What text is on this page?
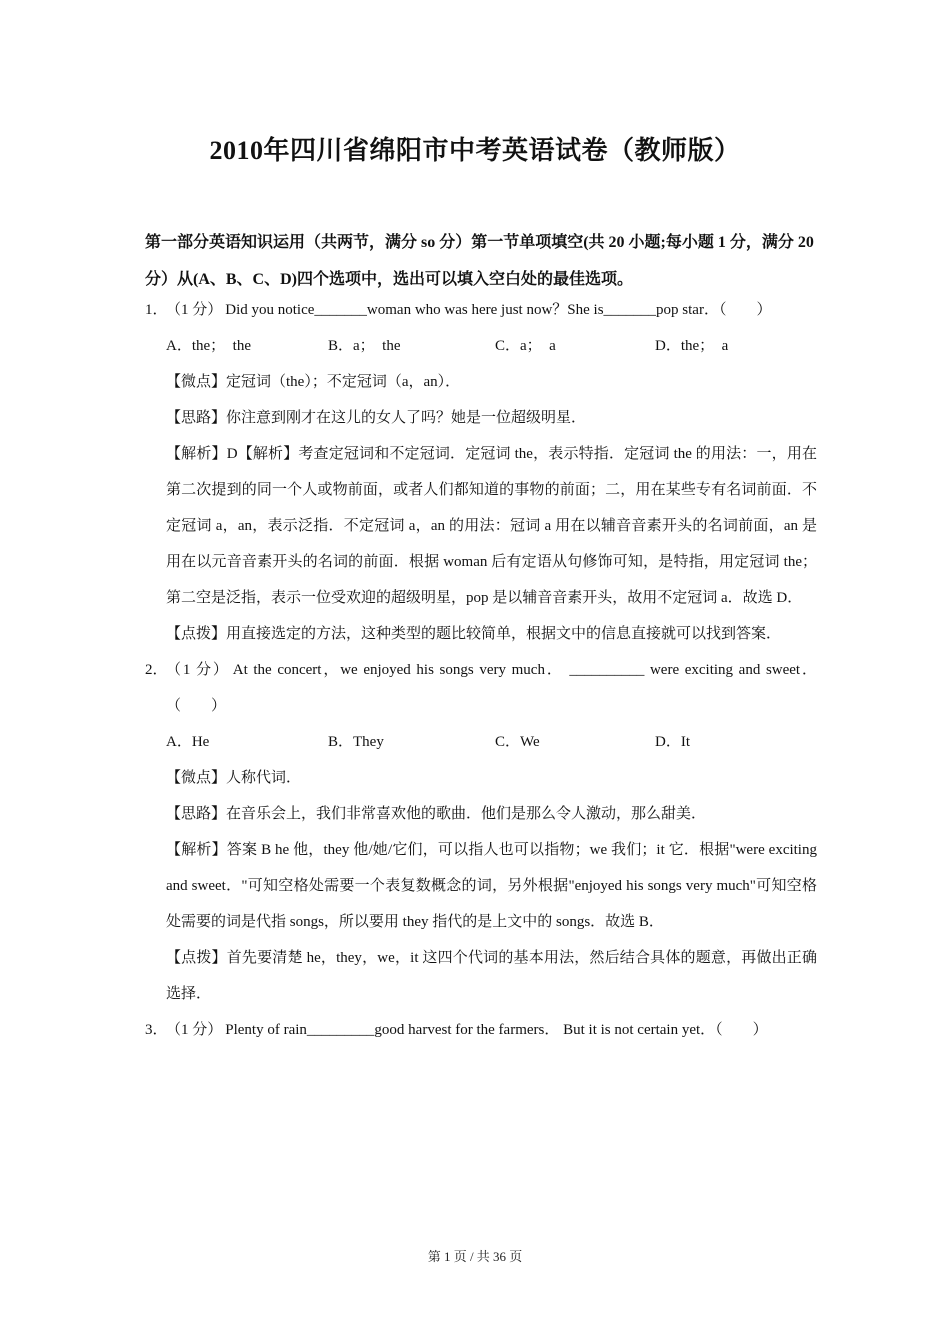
2010年四川省绵阳市中考英语试卷（教师版）
第一部分英语知识运用（共两节，满分 so 分）第一节单项填空(共 20 小题;每小题 1 分，满分 20 分）从(A、B、C、D)四个选项中，选出可以填入空白处的最佳选项。
1．
（1 分） Did you notice_______woman who was here just now？She is_______pop star．（　　）
A．the；  the	B．a；  the	C．a；  a	D．the；  a
【微点】定冠词（the）；不定冠词（a，an）．
【思路】你注意到刚才在这儿的女人了吗？她是一位超级明星．
【解析】D【解析】考查定冠词和不定冠词．定冠词 the，表示特指．定冠词 the 的用法：一，用在第二次提到的同一个人或物前面，或者人们都知道的事物的前面；二，用在某些专有名词前面．不定冠词 a，an，表示泛指．不定冠词 a，an 的用法：冠词 a 用在以辅音音素开头的名词前面，an 是用在以元音音素开头的名词的前面．根据 woman 后有定语从句修饰可知，是特指，用定冠词 the；第二空是泛指，表示一位受欢迎的超级明星，pop 是以辅音音素开头，故用不定冠词 a．故选 D．
【点拨】用直接选定的方法，这种类型的题比较简单，根据文中的信息直接就可以找到答案．
2．
（1 分） At the concert，we enjoyed his songs very much． __________ were exciting and sweet．（　　）
A．He	B．They	C．We	D．It
【微点】人称代词．
【思路】在音乐会上，我们非常喜欢他的歌曲．他们是那么令人激动，那么甜美．
【解析】答案 B he 他，they 他/她/它们，可以指人也可以指物；we 我们；it 它．根据"were exciting and sweet．"可知空格处需要一个表复数概念的词，另外根据"enjoyed his songs very much"可知空格处需要的词是代指 songs，所以要用 they 指代的是上文中的 songs．故选 B．
【点拨】首先要清楚 he，they，we，it 这四个代词的基本用法，然后结合具体的题意，再做出正确选择．
3．
（1 分） Plenty of rain_________good harvest for the farmers． But it is not certain yet．（　　）
第 1 页 / 共 36 页
